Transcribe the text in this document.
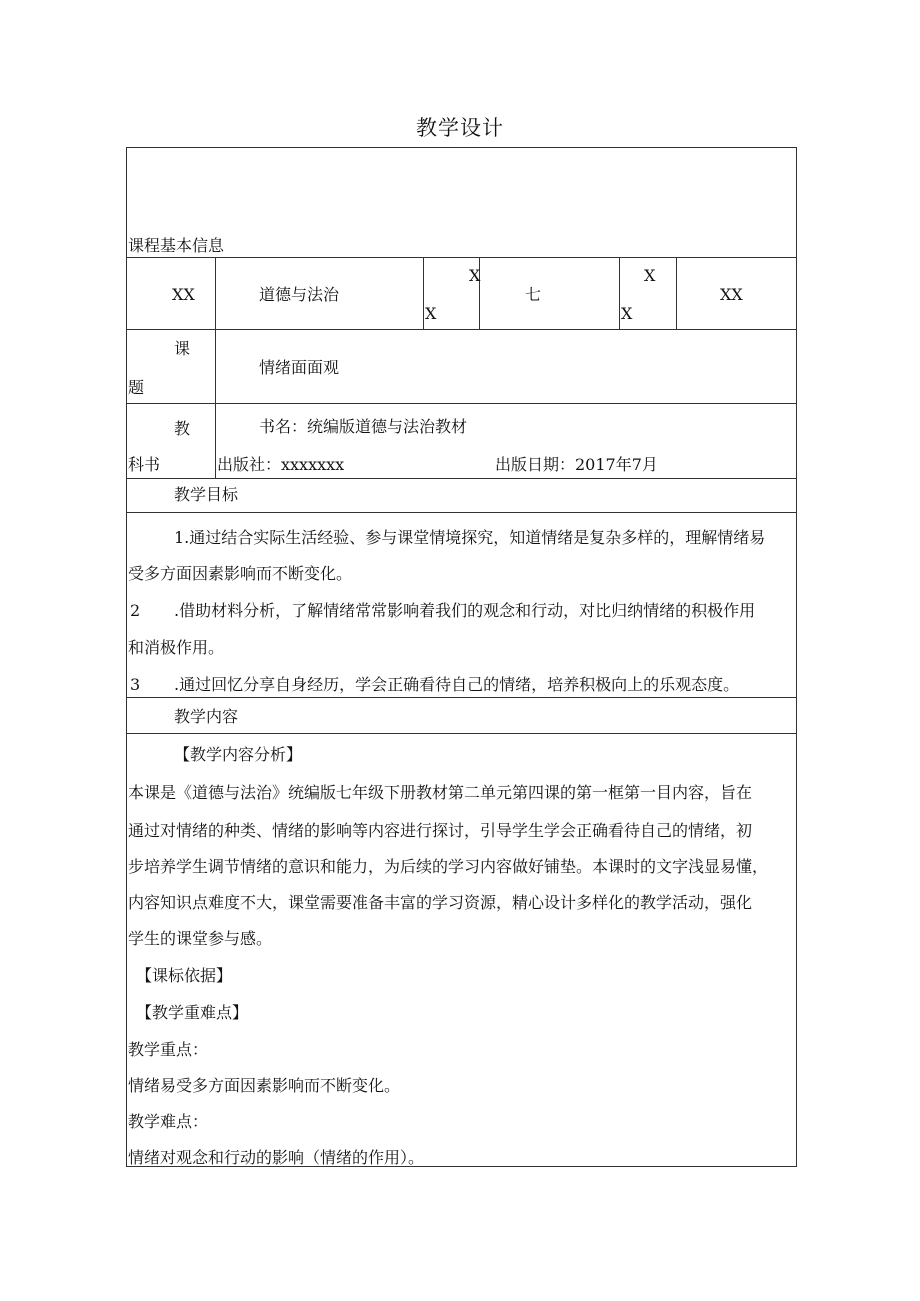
教学设计
课程基本信息
XX	道德与法治
X
X
七
X
X
XX
课
题
情绪面面观
教
科书
书名：统编版道德与法治教材
出版社：xxxxxxx	出版日期：2017年7月
教学目标
1.通过结合实际生活经验、参与课堂情境探究，知道情绪是复杂多样的，理解情绪易
受多方面因素影响而不断变化。
2 .借助材料分析，了解情绪常常影响着我们的观念和行动，对比归纳情绪的积极作用
和消极作用。
3 .通过回忆分享自身经历，学会正确看待自己的情绪，培养积极向上的乐观态度。
教学内容
【教学内容分析】
本课是《道德与法治》统编版七年级下册教材第二单元第四课的第一框第一目内容，旨在
通过对情绪的种类、情绪的影响等内容进行探讨，引导学生学会正确看待自己的情绪，初
步培养学生调节情绪的意识和能力，为后续的学习内容做好铺垫。本课时的文字浅显易懂，
内容知识点难度不大，课堂需要准备丰富的学习资源，精心设计多样化的教学活动，强化
学生的课堂参与感。
【课标依据】
【教学重难点】
教学重点：
情绪易受多方面因素影响而不断变化。
教学难点：
情绪对观念和行动的影响（情绪的作用）。
